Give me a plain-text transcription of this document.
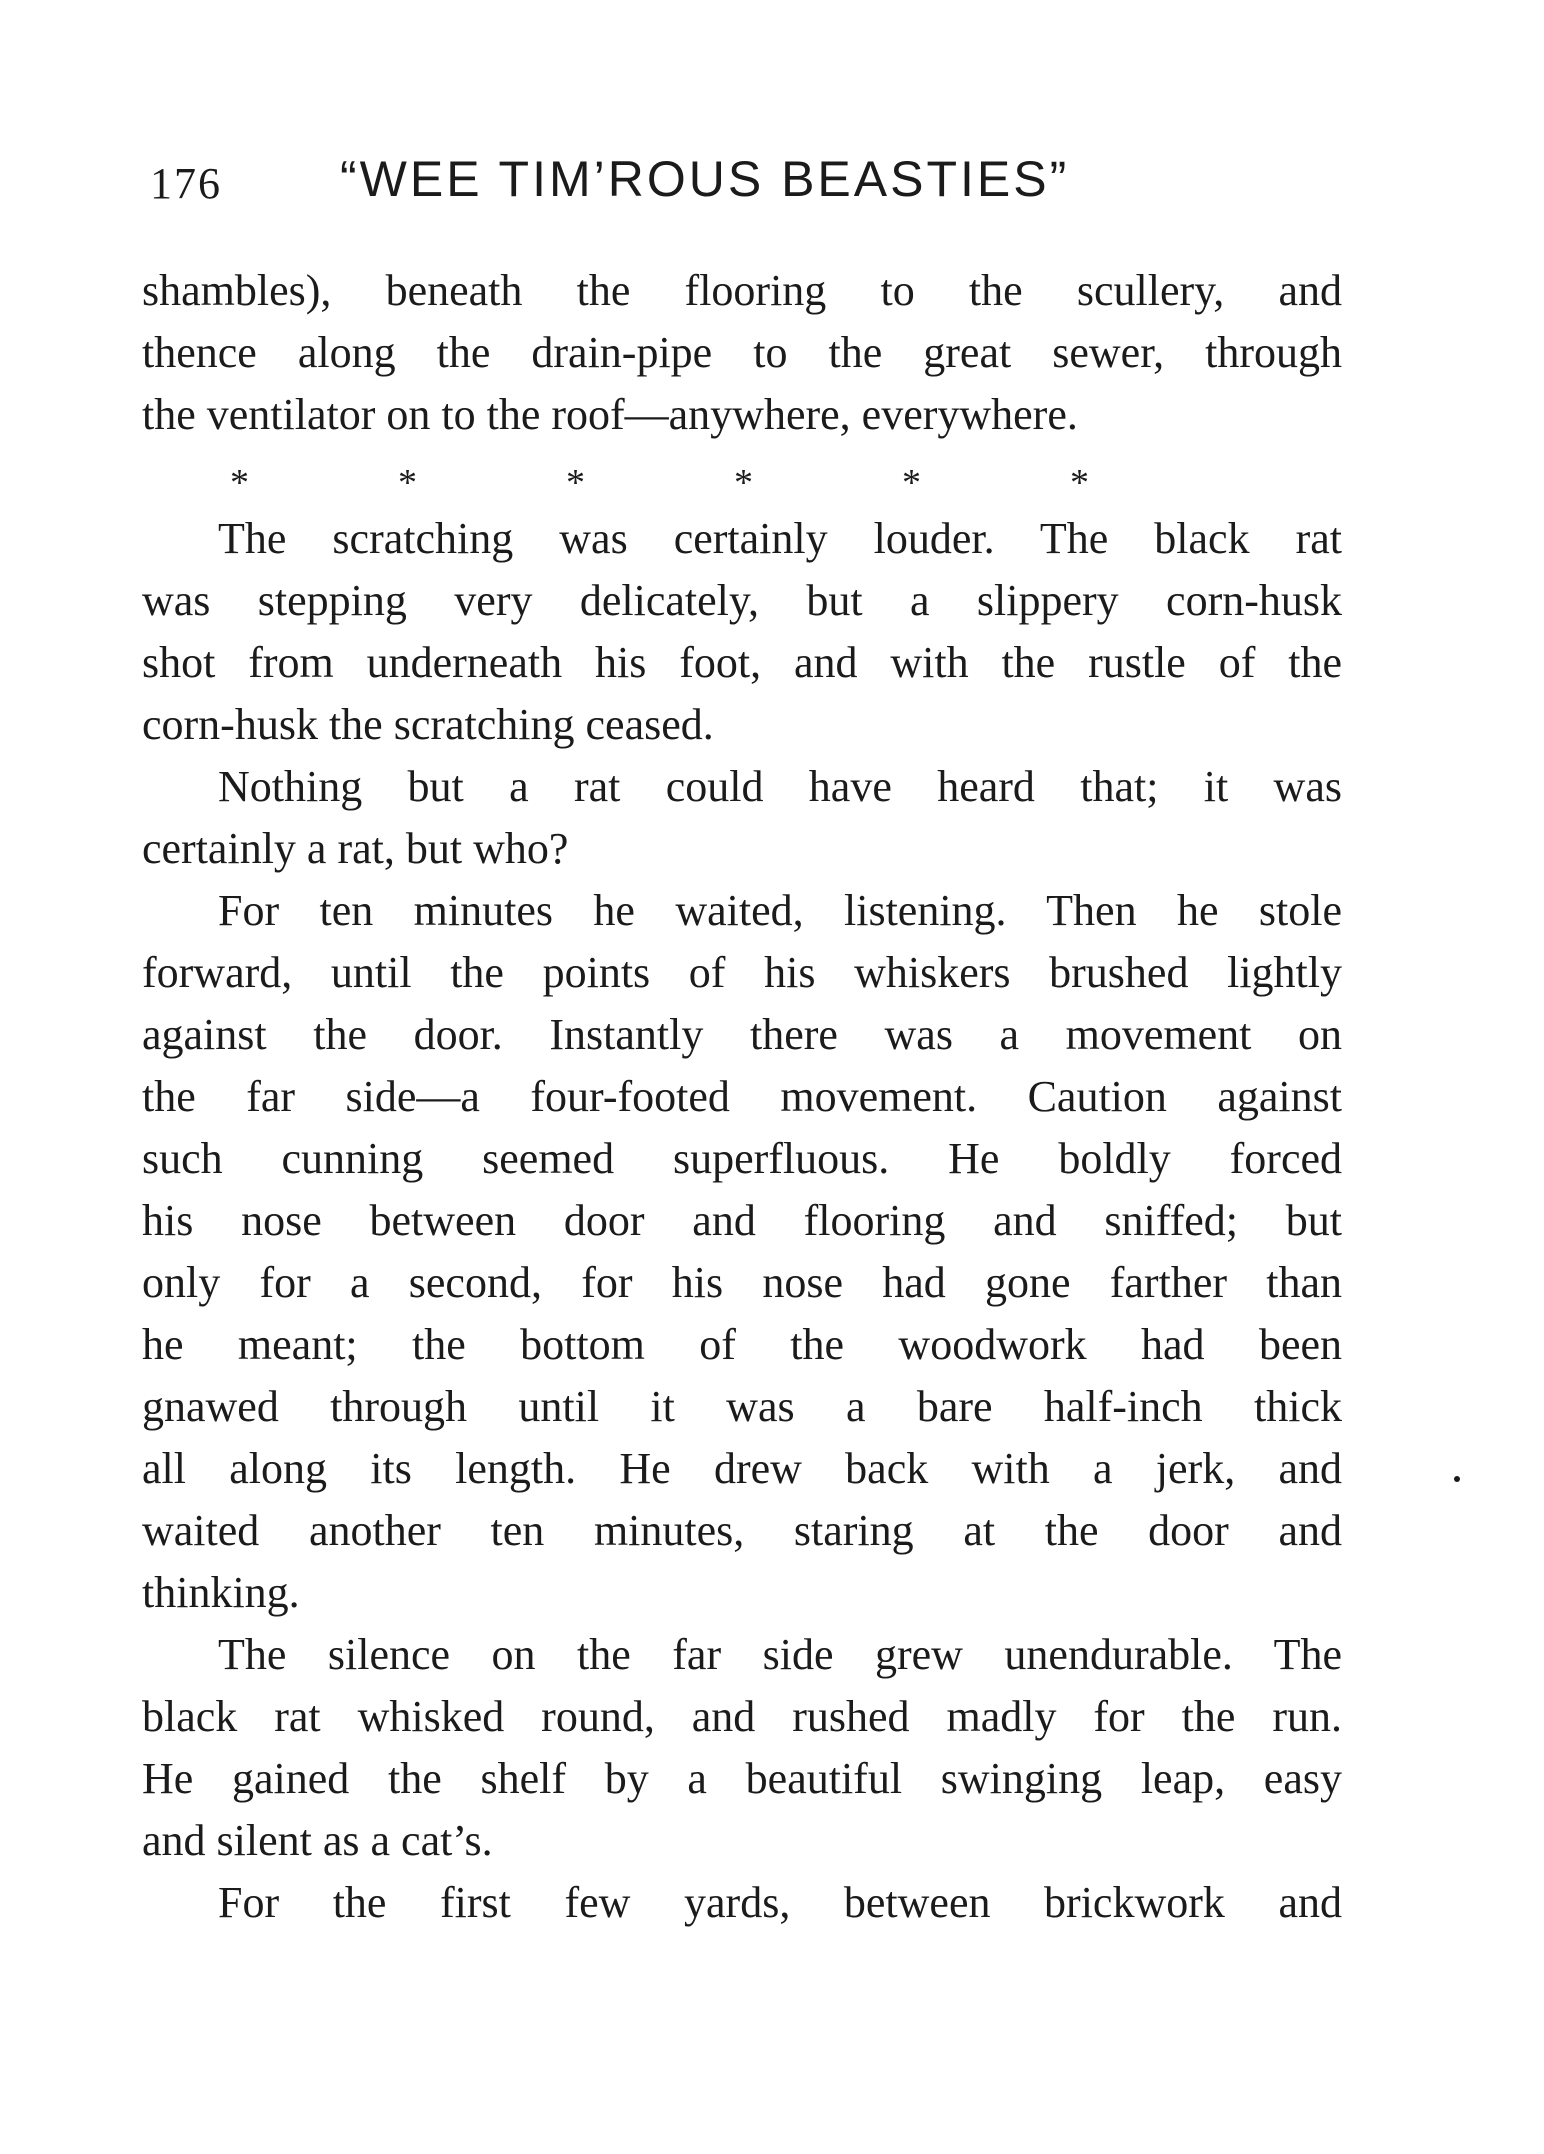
176 “WEE TIM’ROUS BEASTIES”
shambles), beneath the flooring to the scullery, and
thence along the drain-pipe to the great sewer, through
the ventilator on to the roof—anywhere, everywhere.
*	*	*	*	*	*
The scratching was certainly louder. The black rat
was stepping very delicately, but a slippery corn-husk
shot from underneath his foot, and with the rustle of the
corn-husk the scratching ceased.
Nothing but a rat could have heard that; it was
certainly a rat, but who?
For ten minutes he waited, listening. Then he stole
forward, until the points of his whiskers brushed lightly
against the door. Instantly there was a movement on
the far side—a four-footed movement. Caution against
such cunning seemed superfluous. He boldly forced
his nose between door and flooring and sniffed; but
only for a second, for his nose had gone farther than
he meant; the bottom of the woodwork had been
gnawed through until it was a bare half-inch thick
all along its length. He drew back with a jerk, and
waited another ten minutes, staring at the door and
thinking.
The silence on the far side grew unendurable. The
black rat whisked round, and rushed madly for the run.
He gained the shelf by a beautiful swinging leap, easy
and silent as a cat’s.
For the first few yards, between brickwork and
